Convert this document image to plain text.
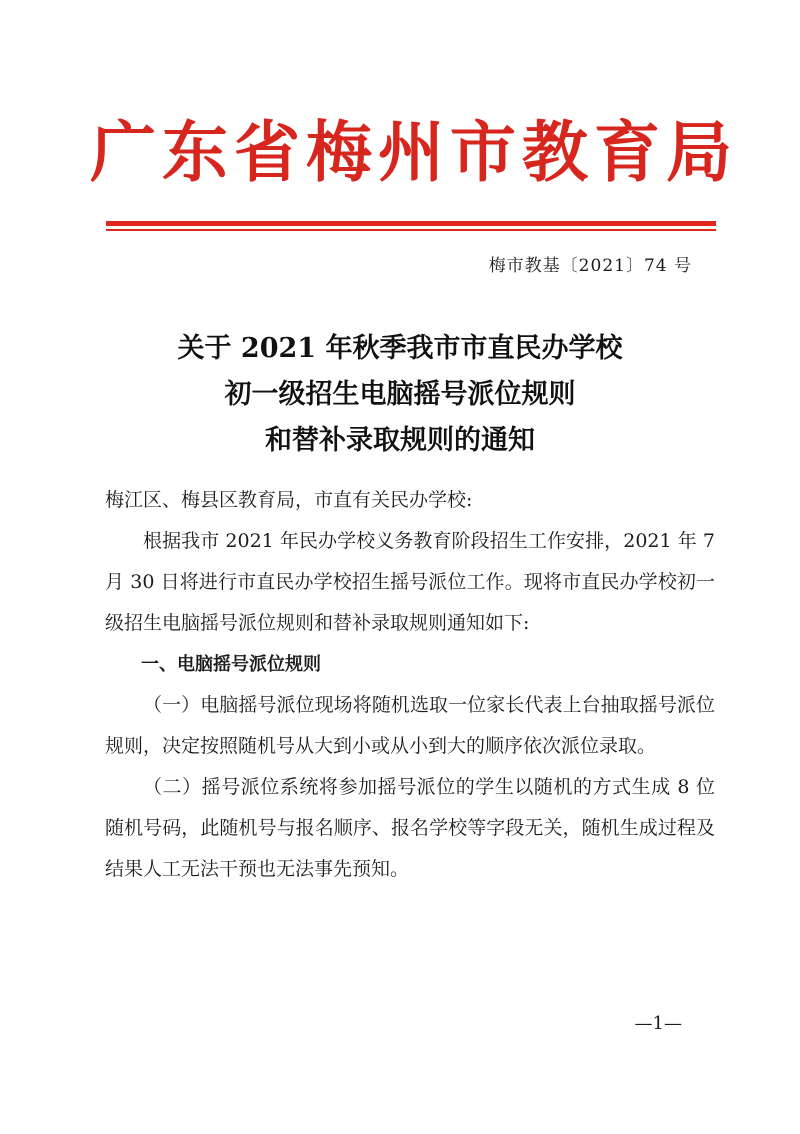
广东省梅州市教育局
梅市教基〔2021〕74 号
关于 2021 年秋季我市市直民办学校
初一级招生电脑摇号派位规则
和替补录取规则的通知

梅江区、梅县区教育局，市直有关民办学校:

根据我市 2021 年民办学校义务教育阶段招生工作安排，2021 年 7 月 30 日将进行市直民办学校招生摇号派位工作。现将市直民办学校初一级招生电脑摇号派位规则和替补录取规则通知如下:

一、电脑摇号派位规则

（一）电脑摇号派位现场将随机选取一位家长代表上台抽取摇号派位规则，决定按照随机号从大到小或从小到大的顺序依次派位录取。

（二）摇号派位系统将参加摇号派位的学生以随机的方式生成 8 位随机号码，此随机号与报名顺序、报名学校等字段无关，随机生成过程及结果人工无法干预也无法事先预知。

—1—
